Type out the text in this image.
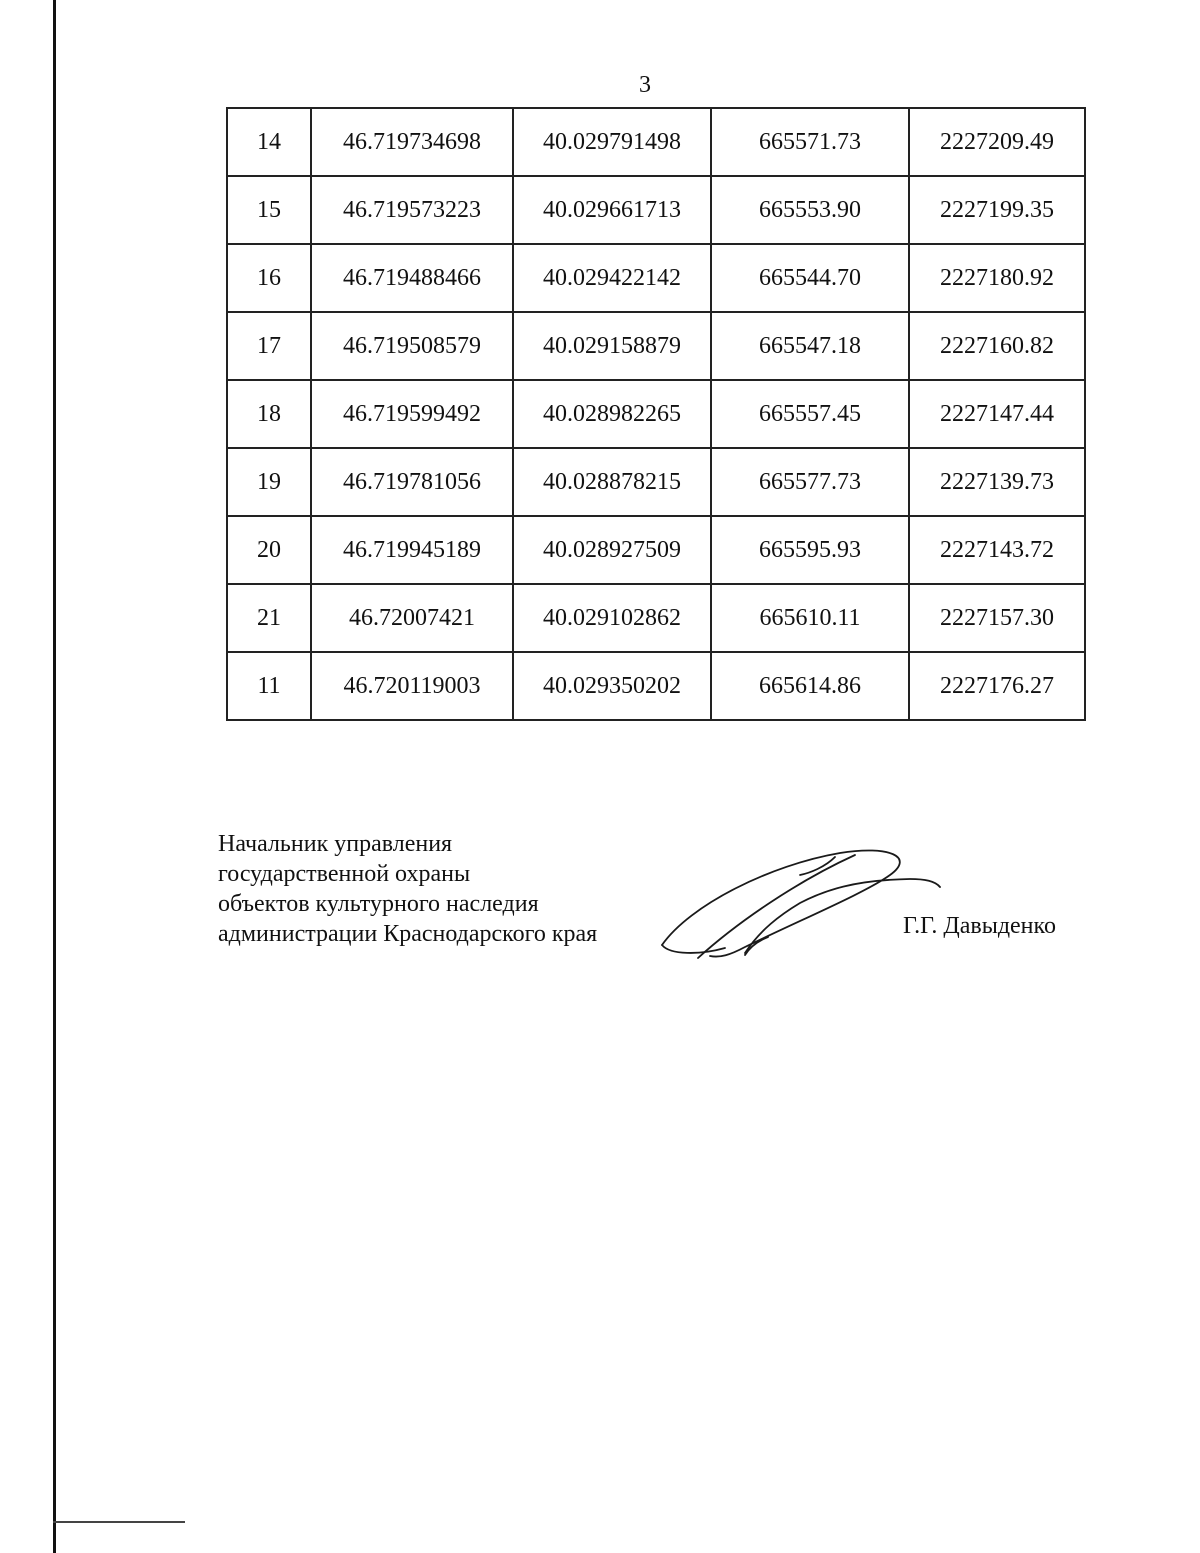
3
14	46.719734698	40.029791498	665571.73	2227209.49
15	46.719573223	40.029661713	665553.90	2227199.35
16	46.719488466	40.029422142	665544.70	2227180.92
17	46.719508579	40.029158879	665547.18	2227160.82
18	46.719599492	40.028982265	665557.45	2227147.44
19	46.719781056	40.028878215	665577.73	2227139.73
20	46.719945189	40.028927509	665595.93	2227143.72
21	46.72007421	40.029102862	665610.11	2227157.30
11	46.720119003	40.029350202	665614.86	2227176.27
Начальник управления
государственной охраны
объектов культурного наследия
администрации Краснодарского края	Г.Г. Давыденко
